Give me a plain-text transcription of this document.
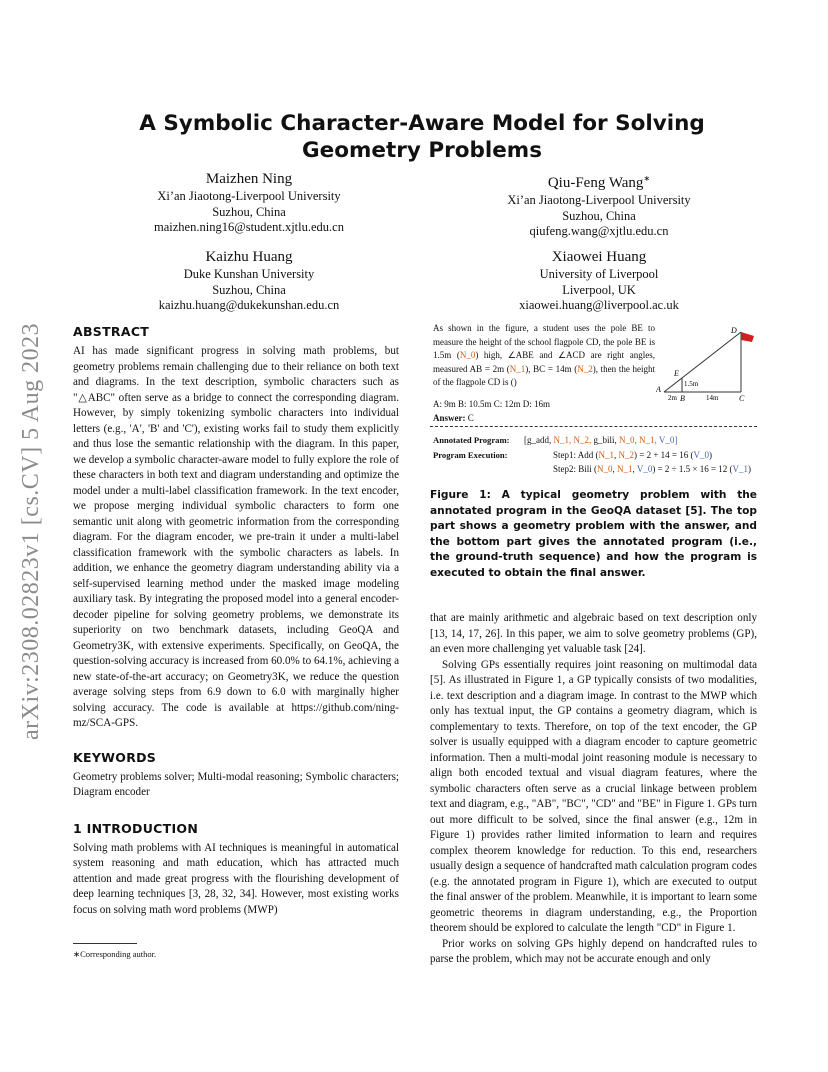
arXiv:2308.02823v1 [cs.CV] 5 Aug 2023
A Symbolic Character-Aware Model for Solving Geometry Problems
Maizhen Ning
Xi’an Jiaotong-Liverpool University
Suzhou, China
maizhen.ning16@student.xjtlu.edu.cn
Qiu-Feng Wang∗
Xi’an Jiaotong-Liverpool University
Suzhou, China
qiufeng.wang@xjtlu.edu.cn
Kaizhu Huang
Duke Kunshan University
Suzhou, China
kaizhu.huang@dukekunshan.edu.cn
Xiaowei Huang
University of Liverpool
Liverpool, UK
xiaowei.huang@liverpool.ac.uk
ABSTRACT

AI has made significant progress in solving math problems, but geometry problems remain challenging due to their reliance on both text and diagrams. In the text description, symbolic characters such as "△ABC" often serve as a bridge to connect the corresponding diagram. However, by simply tokenizing symbolic characters into individual letters (e.g., 'A', 'B' and 'C'), existing works fail to study them explicitly and thus lose the semantic relationship with the diagram. In this paper, we develop a symbolic character-aware model to fully explore the role of these characters in both text and diagram understanding and optimize the model under a multi-label classification framework. In the text encoder, we propose merging individual symbolic characters to form one semantic unit along with geometric information from the corresponding diagram. For the diagram encoder, we pre-train it under a multi-label classification framework with the symbolic characters as labels. In addition, we enhance the geometry diagram understanding ability via a self-supervised learning method under the masked image modeling auxiliary task. By integrating the proposed model into a general encoder-decoder pipeline for solving geometry problems, we demonstrate its superiority on two benchmark datasets, including GeoQA and Geometry3K, with extensive experiments. Specifically, on GeoQA, the question-solving accuracy is increased from 60.0% to 64.1%, achieving a new state-of-the-art accuracy; on Geometry3K, we reduce the question average solving steps from 6.9 down to 6.0 with marginally higher solving accuracy. The code is available at https://github.com/ning-mz/SCA-GPS.

KEYWORDS

Geometry problems solver; Multi-modal reasoning; Symbolic characters; Diagram encoder

1 INTRODUCTION

Solving math problems with AI techniques is meaningful in automatical system reasoning and math education, which has attracted much attention and made great progress with the flourishing development of deep learning techniques [3, 28, 32, 34]. However, most existing works focus on solving math word problems (MWP)

∗Corresponding author.
As shown in the figure, a student uses the pole BE to measure the height of the school flagpole CD, the pole BE is 1.5m (N_0) high, ∠ABE and ∠ACD are right angles, measured AB = 2m (N_1), BC = 14m (N_2), then the height of the flagpole CD is ()
D
E
A
B	C
1.5m
2m	14m
A: 9m B: 10.5m C: 12m D: 16m
Answer: C
Annotated Program: [g_add, N_1, N_2, g_bili, N_0, N_1, V_0]
Program Execution:	Step1: Add (N_1, N_2) = 2 + 14 = 16 (V_0)
Step2: Bili (N_0, N_1, V_0) = 2 ÷ 1.5 × 16 = 12 (V_1)

Figure 1: A typical geometry problem with the annotated program in the GeoQA dataset [5]. The top part shows a geometry problem with the answer, and the bottom part gives the annotated program (i.e., the ground-truth sequence) and how the program is executed to obtain the final answer.

that are mainly arithmetic and algebraic based on text description only [13, 14, 17, 26]. In this paper, we aim to solve geometry problems (GP), an even more challenging yet valuable task [24].

Solving GPs essentially requires joint reasoning on multimodal data [5]. As illustrated in Figure 1, a GP typically consists of two modalities, i.e. text description and a diagram image. In contrast to the MWP which only has textual input, the GP contains a geometry diagram, which is complementary to texts. Therefore, on top of the text encoder, the GP solver is usually equipped with a diagram encoder to capture geometric information. Then a multi-modal joint reasoning module is necessary to align both encoded textual and visual diagram features, where the symbolic characters often serve as a crucial linkage between problem text and diagram, e.g., "AB", "BC", "CD" and "BE" in Figure 1. GPs turn out more difficult to be solved, since the final answer (e.g., 12m in Figure 1) provides rather limited information to learn and requires complex theorem knowledge for reduction. To this end, researchers usually design a sequence of handcrafted math calculation program codes (e.g. the annotated program in Figure 1), which are executed to output the final answer of the problem. Meanwhile, it is important to learn some geometric theorems in diagram understanding, e.g., the Proportion theorem should be explored to calculate the length "CD" in Figure 1.

Prior works on solving GPs highly depend on handcrafted rules to parse the problem, which may not be accurate enough and only
